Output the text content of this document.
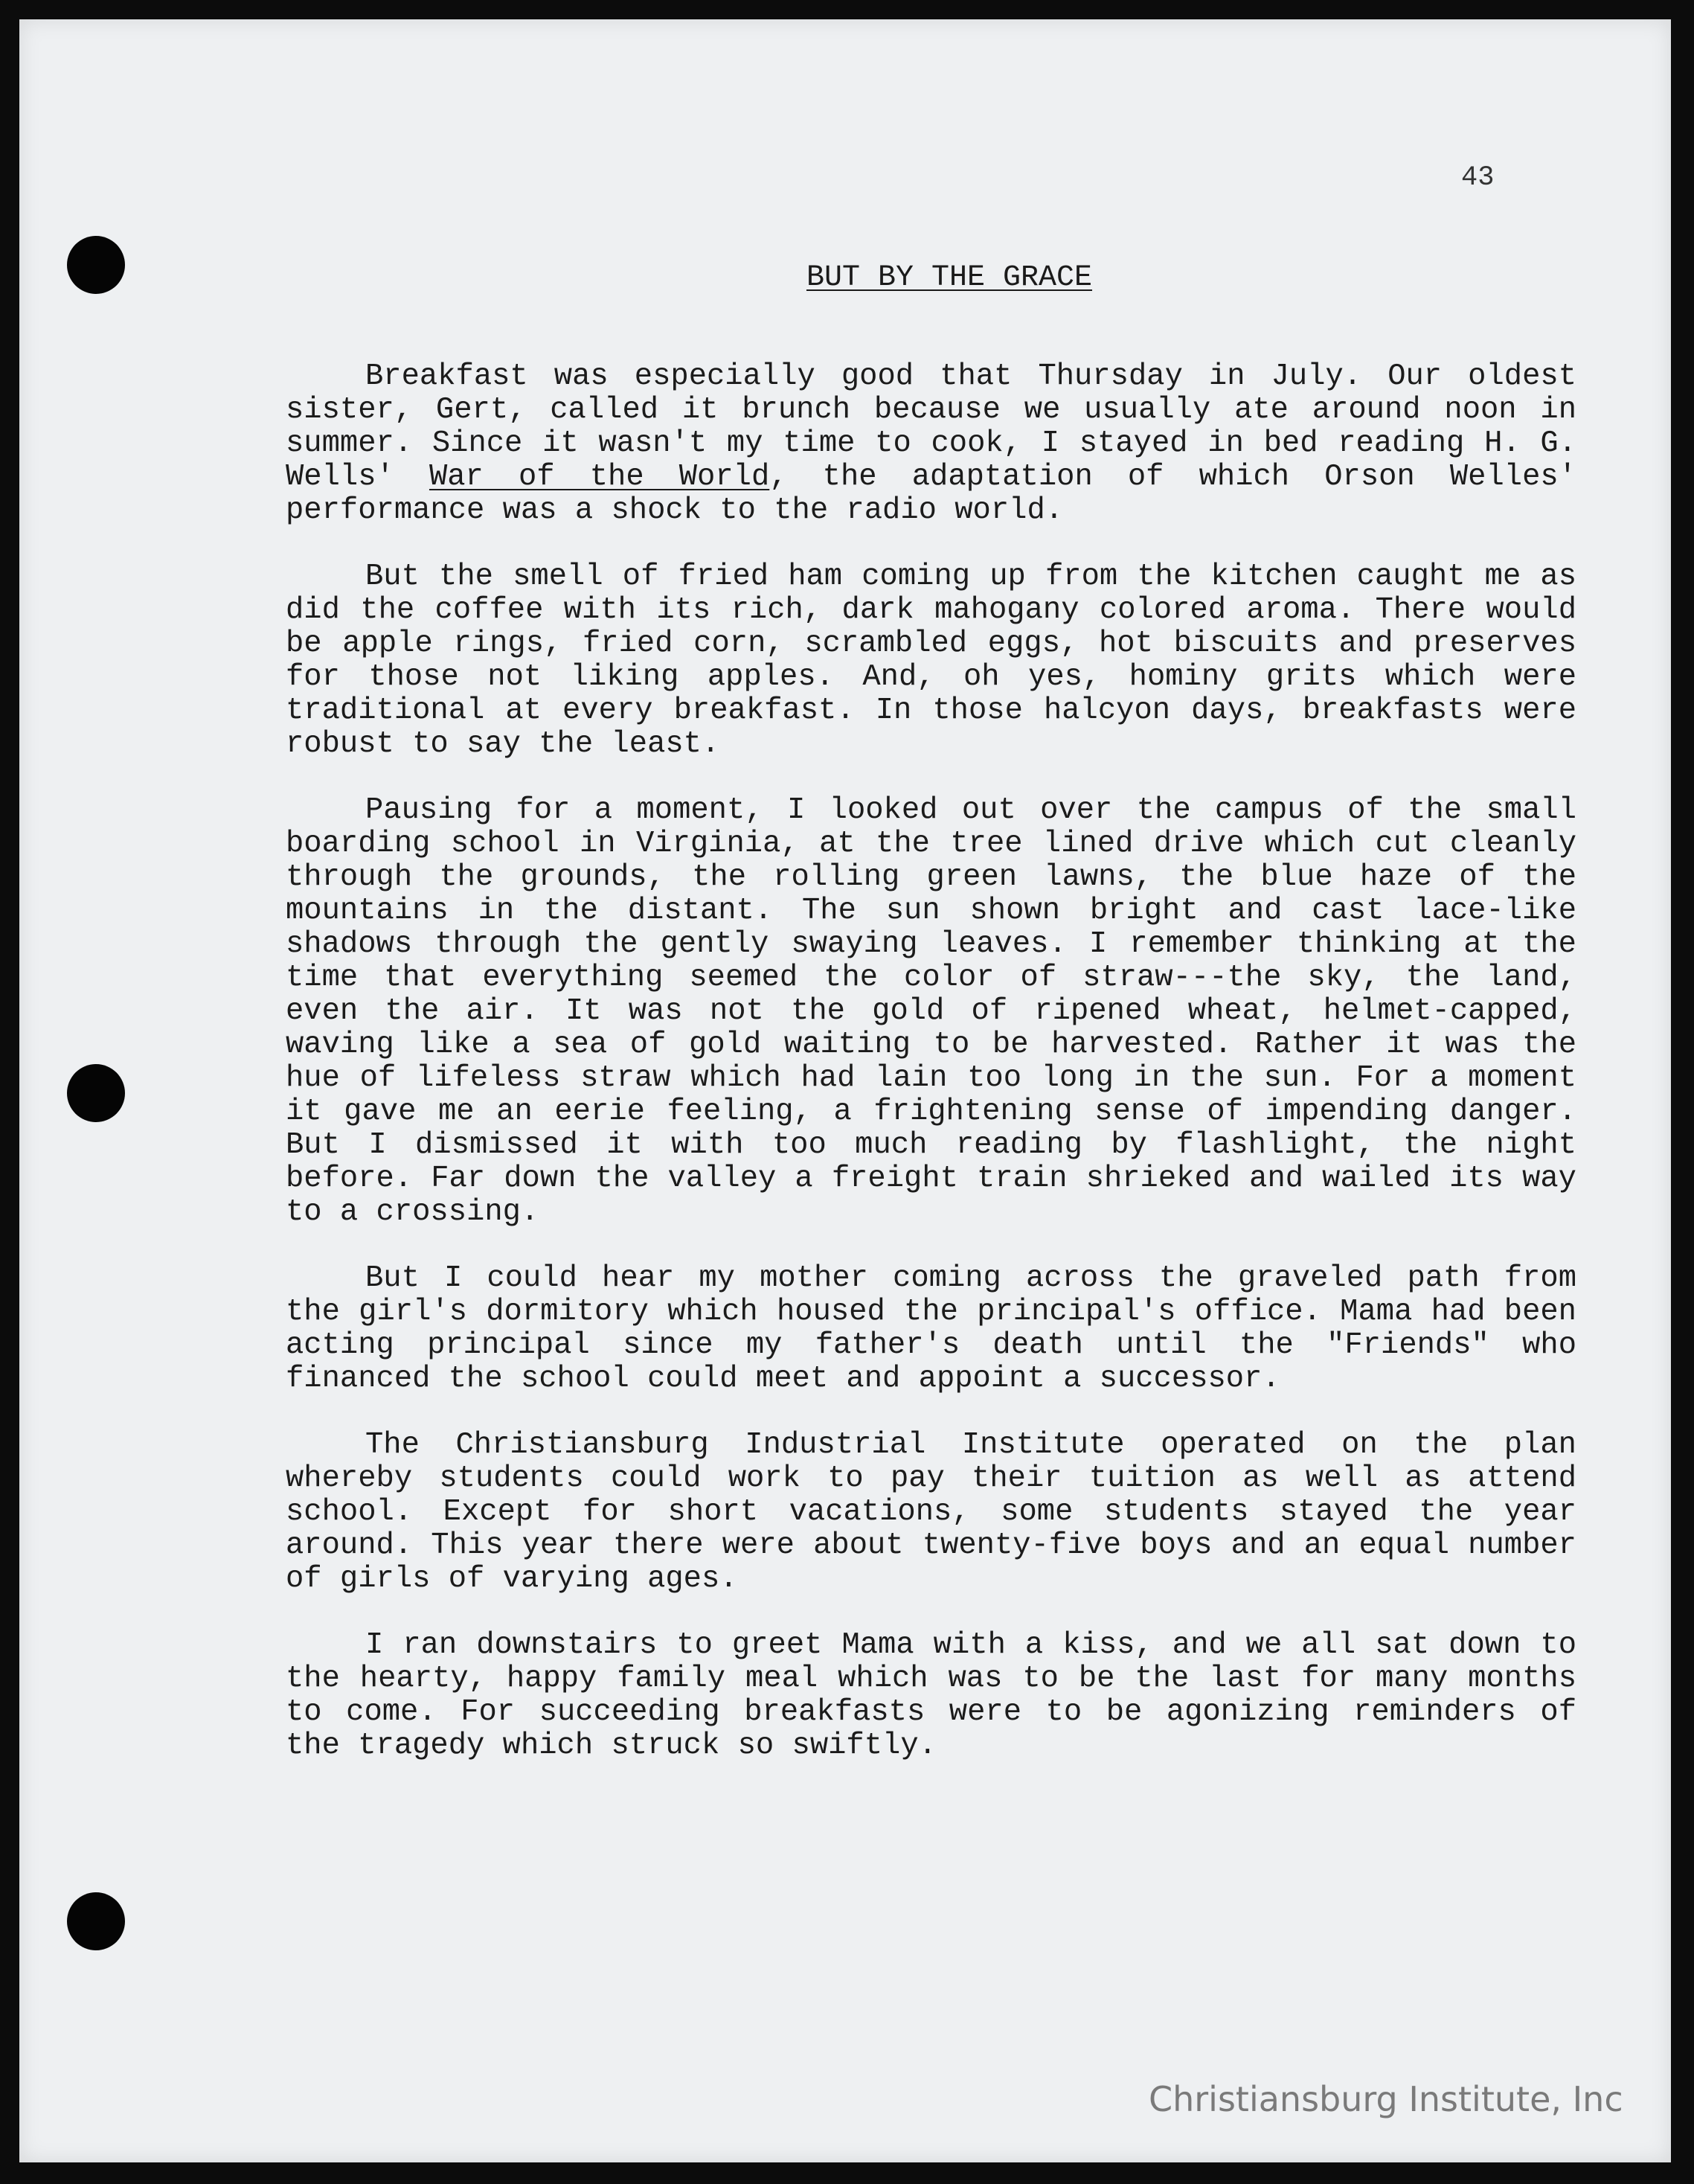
43

BUT BY THE GRACE

Breakfast was especially good that Thursday in July. Our oldest sister, Gert, called it brunch because we usually ate around noon in summer. Since it wasn't my time to cook, I stayed in bed reading H. G. Wells' War of the World, the adaptation of which Orson Welles' performance was a shock to the radio world.

But the smell of fried ham coming up from the kitchen caught me as did the coffee with its rich, dark mahogany colored aroma. There would be apple rings, fried corn, scrambled eggs, hot biscuits and preserves for those not liking apples. And, oh yes, hominy grits which were traditional at every breakfast. In those halcyon days, breakfasts were robust to say the least.

Pausing for a moment, I looked out over the campus of the small boarding school in Virginia, at the tree lined drive which cut cleanly through the grounds, the rolling green lawns, the blue haze of the mountains in the distant. The sun shown bright and cast lace-like shadows through the gently swaying leaves. I remember thinking at the time that everything seemed the color of straw---the sky, the land, even the air. It was not the gold of ripened wheat, helmet-capped, waving like a sea of gold waiting to be harvested. Rather it was the hue of lifeless straw which had lain too long in the sun. For a moment it gave me an eerie feeling, a frightening sense of impending danger. But I dismissed it with too much reading by flashlight, the night before. Far down the valley a freight train shrieked and wailed its way to a crossing.

But I could hear my mother coming across the graveled path from the girl's dormitory which housed the principal's office. Mama had been acting principal since my father's death until the "Friends" who financed the school could meet and appoint a successor.

The Christiansburg Industrial Institute operated on the plan whereby students could work to pay their tuition as well as attend school. Except for short vacations, some students stayed the year around. This year there were about twenty-five boys and an equal number of girls of varying ages.

I ran downstairs to greet Mama with a kiss, and we all sat down to the hearty, happy family meal which was to be the last for many months to come. For succeeding breakfasts were to be agonizing reminders of the tragedy which struck so swiftly.

Christiansburg Institute, Inc
